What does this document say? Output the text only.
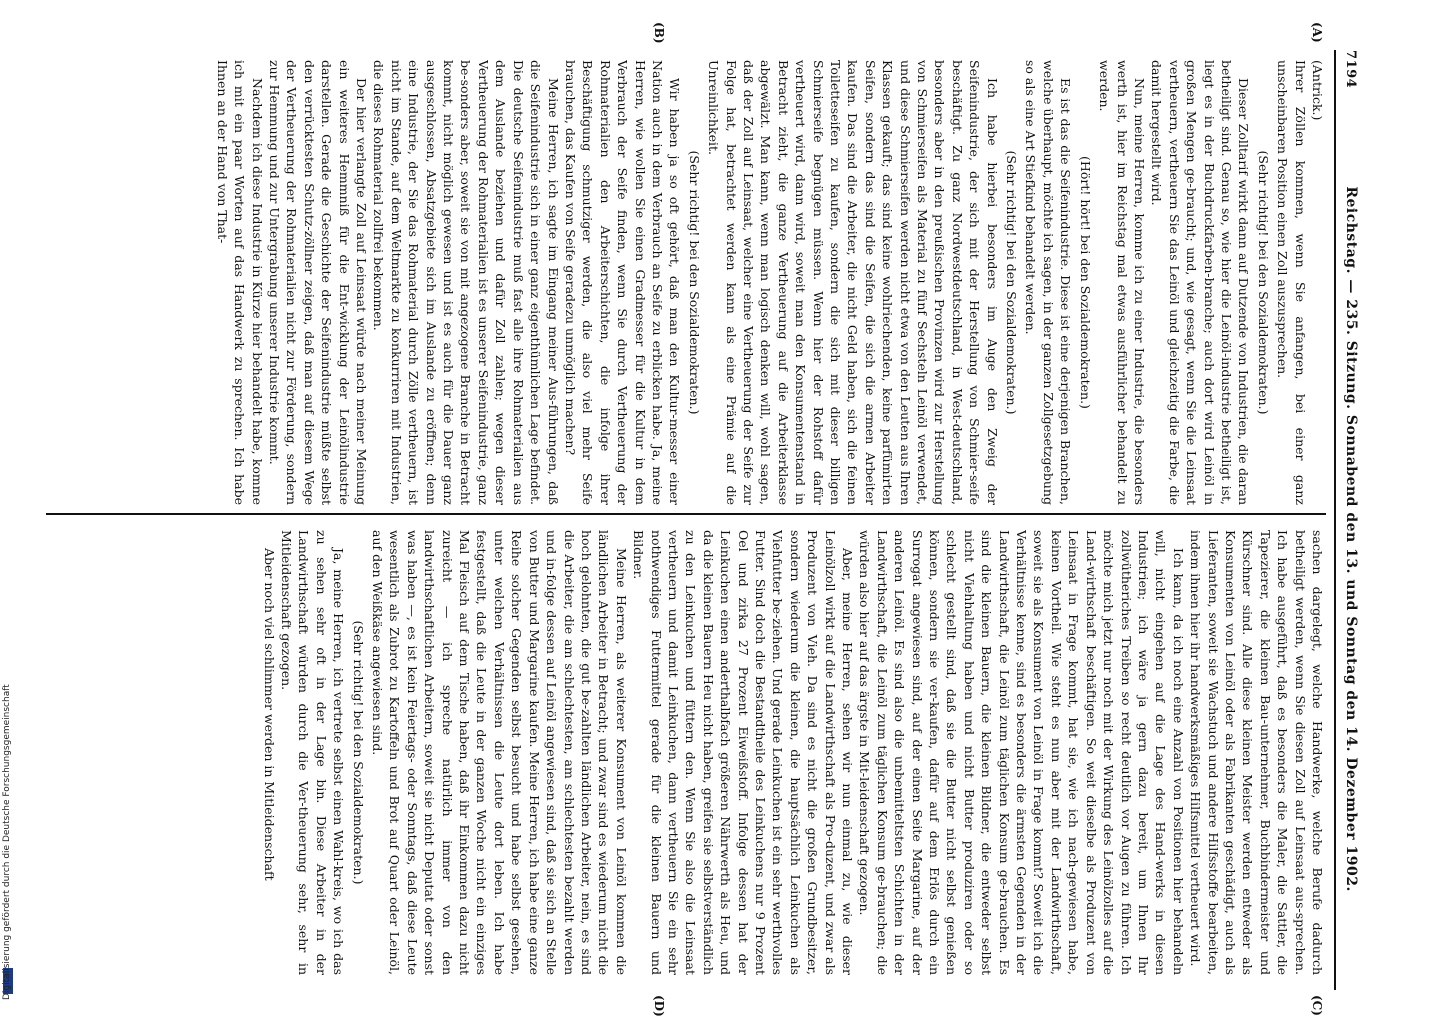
7194
Reichstag. — 235. Sitzung. Sonnabend den 13. und Sonntag den 14. Dezember 1902.
(A)
(B)
(C)
(D)

(Antrick.)

Ihrer Zöllen kommen, wenn Sie anfangen, bei einer ganz unscheinbaren Position einen Zoll auszusprechen.

(Sehr richtig! bei den Sozialdemokraten.)

Dieser Zolltarif wirkt dann auf Dutzende von Industrien, die daran betheiligt sind. Genau so, wie hier die Leinöl-industrie betheiligt ist, liegt es in der Buchdruckfarben-branche; auch dort wird Leinöl in großen Mengen ge-braucht; und, wie gesagt, wenn Sie die Leinsaat vertheuern, vertheuern Sie das Leinöl und gleichzeitig die Farbe, die damit hergestellt wird.

Nun, meine Herren, komme ich zu einer Industrie, die besonders werth ist, hier im Reichstag mal etwas ausführlicher behandelt zu werden.

(Hört! hört! bei den Sozialdemokraten.)

Es ist das die Seifenindustrie. Diese ist eine derjenigen Branchen, welche überhaupt, möchte ich sagen, in der ganzen Zollgesetzgebung so als eine Art Stiefkind behandelt werden.

(Sehr richtig! bei den Sozialdemokraten.)

Ich habe hierbei besonders im Auge den Zweig der Seifenindustrie, der sich mit der Herstellung von Schmier-seife beschäftigt. Zu ganz Nordwestdeutschland, in West-deutschland, besonders aber in den preußischen Provinzen wird zur Herstellung von Schmierseifen als Material zu fünf Sechsteln Leinöl verwendet, und diese Schmierseifen werden nicht etwa von den Leuten aus Ihren Klassen gekauft; das sind keine wohlriechenden, keine parfümirten Seifen, sondern das sind die Seifen, die sich die armen Arbeiter kaufen. Das sind die Arbeiter, die nicht Geld haben, sich die feinen Toiletteseifen zu kaufen, sondern die sich mit dieser billigen Schmierseife begnügen müssen. Wenn hier der Rohstoff dafür vertheuert wird, dann wird, soweit man den Konsumentenstand in Betracht zieht, die ganze Vertheuerung auf die Arbeiterklasse abgewälzt. Man kann, wenn man logisch denken will, wohl sagen, daß der Zoll auf Leinsaat, welcher eine Vertheuerung der Seife zur Folge hat, betrachtet werden kann als eine Prämie auf die Unreinlichkeit.

(Sehr richtig! bei den Sozialdemokraten.)

Wir haben ja so oft gehört, daß man den Kultur-messer einer Nation auch in dem Verbrauch an Seife zu erblicken habe. Ja, meine Herren, wie wollen Sie einen Gradmesser für die Kultur in dem Verbrauch der Seife finden, wenn Sie durch Vertheuerung der Rohmaterialien den Arbeiterschichten, die infolge ihrer Beschäftigung schmutziger werden, die also viel mehr Seife brauchen, das Kaufen von Seife geradezu unmöglich machen?

Meine Herren, ich sagte im Eingang meiner Aus-führungen, daß die Seifenindustrie sich in einer ganz eigenthümlichen Lage befindet. Die deutsche Seifenindustrie muß fast alle ihre Rohmaterialien aus dem Auslande beziehen und dafür Zoll zahlen; wegen dieser Vertheuerung der Rohmaterialien ist es unserer Seifenindustrie, ganz be-sonders aber, soweit sie von mit angezogene Branche in Betracht kommt, nicht möglich gewesen und ist es auch für die Dauer ganz ausgeschlossen, Absatzgebiete sich im Auslande zu eröffnen; denn eine Industrie, der Sie das Rohmaterial durch Zölle vertheuern, ist nicht im Stande, auf dem Weltmarkte zu konkurriren mit Industrien, die dieses Rohmaterial zollfrei bekommen.

Der hier verlangte Zoll auf Leinsaat würde nach meiner Meinung ein weiteres Hemmniß für die Ent-wicklung der Leinölindustrie darstellen. Gerade die Geschichte der Seifenindustrie müßte selbst den verrücktesten Schutz-zöllner zeigen, daß man auf diesem Wege der Vertheuerung der Rohmaterialien nicht zur Förderung, sondern zur Hemmung und zur Untergrabung unserer Industrie kommt.

Nachdem ich diese Industrie in Kürze hier behandelt habe, komme ich mit ein paar Worten auf das Handwerk zu sprechen. Ich habe Ihnen an der Hand von That-

sachen dargelegt, welche Handwerke, welche Berufe dadurch betheiligt werden, wenn Sie diesen Zoll auf Leinsaat aus-sprechen. Ich habe ausgeführt, daß es besonders die Maler, die Sattler, die Tapezierer, die kleinen Bau-unternehmer, Buchbindermeister und Kürschner sind. Alle diese kleinen Meister werden entweder als Konsumenten von Leinöl oder als Fabrikanten geschädigt, auch als Lieferanten, soweit sie Wachstuch und andere Hilfsstoffe bearbeiten, indem ihnen hier ihr handwerksmäßiges Hilfsmittel vertheuert wird.

Ich kann, da ich noch eine Anzahl von Positionen hier behandeln will, nicht eingehen auf die Lage des Hand-werks in diesen Industrien; ich wäre ja gern dazu bereit, um Ihnen Ihr zollwütheriches Treiben so recht deutlich vor Augen zu führen. Ich möchte mich jetzt nur noch mit der Wirkung des Leinölzolles auf die Land-wirthschaft beschäftigen. So weit dieselbe als Produzent von Leinsaat in Frage kommt, hat sie, wie ich nach-gewiesen habe, keinen Vortheil. Wie steht es nun aber mit der Landwirthschaft, soweit sie als Konsument von Leinöl in Frage kommt? Soweit ich die Verhältnisse kenne, sind es besonders die ärmsten Gegenden in der Landwirthschaft, die Leinöl zum täglichen Konsum ge-brauchen. Es sind die kleinen Bauern, die kleinen Bildner, die entweder selbst nicht Viehhaltung haben und nicht Butter produziren oder so schlecht gestellt sind, daß sie die Butter nicht selbst genießen können, sondern sie ver-kaufen, dafür auf dem Erlös durch ein Surrogat angewiesen sind, auf der einen Seite Margarine, auf der anderen Leinöl. Es sind also die unbemitteltsten Schichten in der Landwirthschaft, die Leinöl zum täglichen Konsum ge-brauchen; die würden also hier auf das ärgste in Mit-leidenschaft gezogen.

Aber, meine Herren, sehen wir nun einmal zu, wie dieser Leinölzoll wirkt auf die Landwirthschaft als Pro-duzent, und zwar als Produzent von Vieh. Da sind es nicht die großen Grundbesitzer, sondern wiederum die kleinen, die hauptsächlich Leinkuchen als Viehfutter be-ziehen. Und gerade Leinkuchen ist ein sehr werthvolles Futter. Sind doch die Bestandtheile des Leinkuchens nur 9 Prozent Oel und zirka 27 Prozent Eiweißstoff. Infolge dessen hat der Leinkuchen einen anderthalbfach größeren Nährwerth als Heu, und da die kleinen Bauern Heu nicht haben, greifen sie selbstverständlich zu den Leinkuchen und füttern den. Wenn Sie also die Leinsaat vertheuern und damit Leinkuchen, dann vertheuern Sie ein sehr nothwendiges Futtermittel gerade für die kleinen Bauern und Bildner.

Meine Herren, als weiterer Konsument von Leinöl kommen die ländlichen Arbeiter in Betracht; und zwar sind es wiederum nicht die hoch gelohnten, die gut be-zahlten ländlichen Arbeiter, nein, es sind die Arbeiter, die am schlechtesten, am schlechtesten bezahlt werden und in-folge dessen auf Leinöl angewiesen sind, daß sie sich an Stelle von Butter und Margarine kaufen. Meine Herren, ich habe eine ganze Reihe solcher Gegenden selbst besucht und habe selbst gesehen, unter welchen Verhältnissen die Leute dort leben. Ich habe festgestellt, daß die Leute in der ganzen Woche nicht ein einziges Mal Fleisch auf dem Tische haben, daß ihr Einkommen dazu nicht zureicht — ich spreche natürlich immer von den landwirthschaftlichen Arbeitern, soweit sie nicht Deputat oder sonst was haben —, es ist kein Feiertags- oder Sonntags, daß diese Leute wesentlich als Zubrot zu Kartoffeln und Brot auf Quart oder Leinöl, auf den Weißkäse angewiesen sind.

(Sehr richtig! bei den Sozialdemokraten.)

Ja, meine Herren, ich vertrete selbst einen Wahl-kreis, wo ich das zu sehen sehr oft in der Lage bin. Diese Arbeiter in der Landwirthschaft würden durch die Ver-theuerung sehr, sehr in Mitleidenschaft gezogen.

Aber noch viel schlimmer werden in Mitleidenschaft

Digitalisierung gefördert durch die Deutsche Forschungsgemeinschaft
